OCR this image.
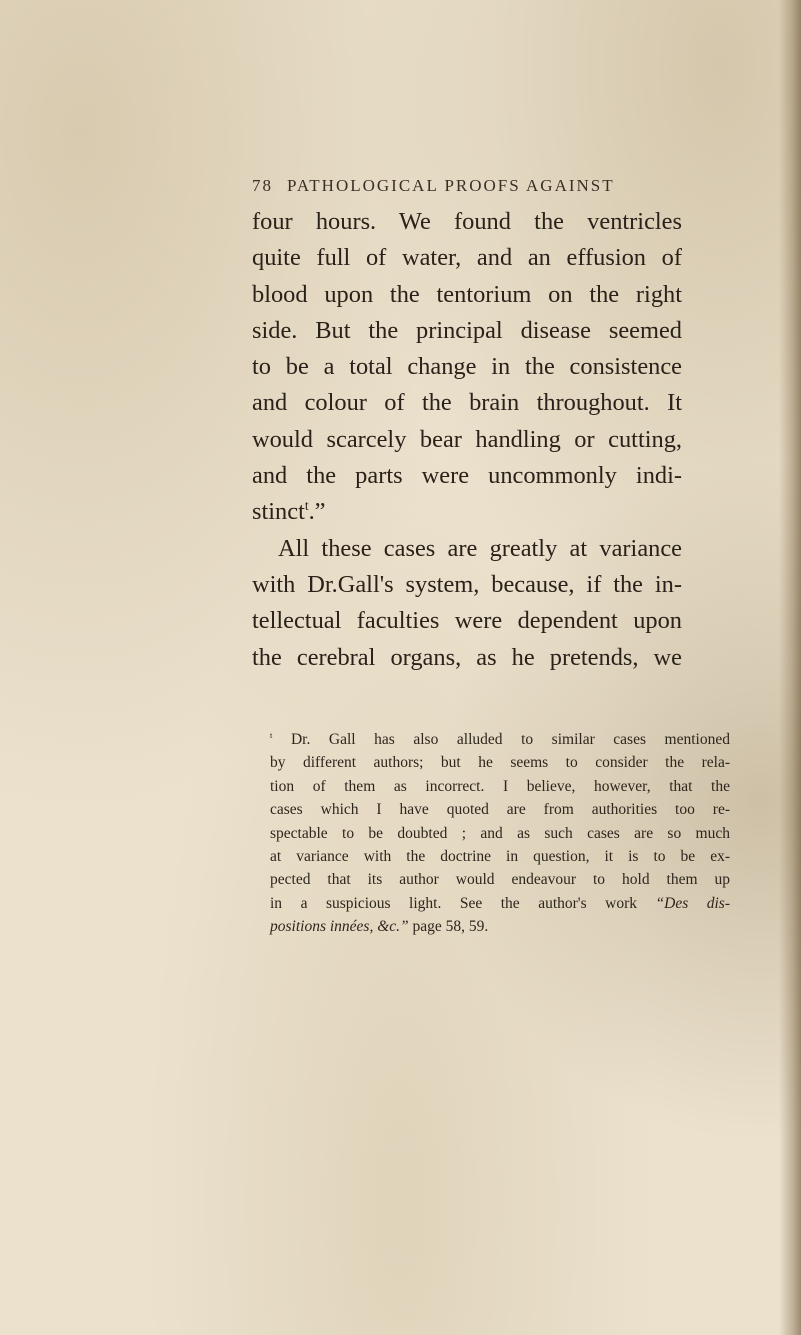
78 PATHOLOGICAL PROOFS AGAINST
four hours. We found the ventricles
quite full of water, and an effusion of
blood upon the tentorium on the right
side. But the principal disease seemed
to be a total change in the consistence
and colour of the brain throughout. It
would scarcely bear handling or cutting,
and the parts were uncommonly indi-
stinct$^t$.”
All these cases are greatly at variance
with Dr.Gall's system, because, if the in-
tellectual faculties were dependent upon
the cerebral organs, as he pretends, we
$^t$ Dr. Gall has also alluded to similar cases mentioned
by different authors; but he seems to consider the rela-
tion of them as incorrect. I believe, however, that the
cases which I have quoted are from authorities too re-
spectable to be doubted ; and as such cases are so much
at variance with the doctrine in question, it is to be ex-
pected that its author would endeavour to hold them up
in a suspicious light. See the author's work “Des dis-
positions innées, &c.” page 58, 59.
